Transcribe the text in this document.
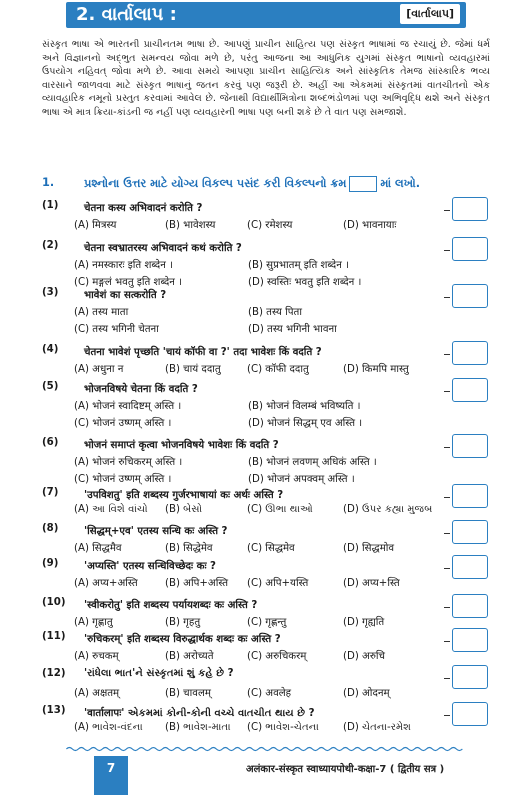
2. વાર્તાલાપ :	[વાર્તાલાપ]

સંસ્કૃત ભાષા એ ભારતની પ્રાચીનતમ ભાષા છે. આપણું પ્રાચીન સાહિત્ય પણ સંસ્કૃત ભાષામાં જ રચાયું છે. જેમાં ધર્મ અને વિજ્ઞાનનો અદ્ભુત સમન્વય જોવા મળે છે, પરંતુ આજના આ આધુનિક યુગમાં સંસ્કૃત ભાષાનો વ્યવહારમાં ઉપયોગ નહિવત્ જોવા મળે છે. આવા સમયે આપણા પ્રાચીન સાહિત્યિક અને સાંસ્કૃતિક તેમજ સાંસ્કારિક ભવ્ય વારસાને જાળવવા માટે સંસ્કૃત ભાષાનું જતન કરવું પણ જરૂરી છે. અહીં આ એકમમાં સંસ્કૃતમાં વાતચીતનો એક વ્યાવહારિક નમૂનો પ્રસ્તુત કરવામાં આવેલ છે. જેનાથી વિદ્યાર્થીમિત્રોના શબ્દભંડોળમાં પણ અભિવૃદ્ધિ થશે અને સંસ્કૃત ભાષા એ માત્ર ક્રિયા-કાંડની જ નહીં પણ વ્યવહારની ભાષા પણ બની શકે છે તે વાત પણ સમજાશે.

1.	પ્રશ્નોના ઉત્તર માટે યોગ્ય વિકલ્પ પસંદ કરી વિકલ્પનો ક્રમ	માં લખો.
(1)	चेतना कस्य अभिवादनं करोति ?
(A) मित्रस्य	(B) भावेशस्य	(C) रमेशस्य	(D) भावनायाः
(2)	चेतना स्वभ्रातरस्य अभिवादनं कथं करोति ?
(A) नमस्कारः इति शब्देन ।	(B) सुप्रभातम् इति शब्देन ।
(C) मङ्गलं भवतु इति शब्देन ।	(D) स्वस्तिः भवतु इति शब्देन ।
(3)	भावेशं का सत्करोति ?
(A) तस्य माता	(B) तस्य पिता
(C) तस्य भगिनी चेतना	(D) तस्य भगिनी भावना
(4)	चेतना भावेशं पृच्छति 'चायं कॉफी वा ?' तदा भावेशः किं वदति ?
(A) अधुना न	(B) चायं ददातु	(C) कॉफी ददातु	(D) किमपि मास्तु
(5)	भोजनविषये चेतना किं वदति ?
(A) भोजनं स्वादिष्टम् अस्ति ।	(B) भोजनं विलम्बं भविष्यति ।
(C) भोजनं उष्णम् अस्ति ।	(D) भोजनं सिद्धम् एव अस्ति ।
(6)	भोजनं समाप्तं कृत्वा भोजनविषये भावेशः किं वदति ?
(A) भोजनं रुचिकरम् अस्ति ।	(B) भोजनं लवणम् अधिकं अस्ति ।
(C) भोजनं उष्णम् अस्ति ।	(D) भोजनं अपक्वम् अस्ति ।
(7)	'उपविशतु' इति शब्दस्य गुर्जरभाषायां कः अर्थः अस्ति ?
(A) આ વિશે વાંચો (B) બેસો	(C) ઊભા થાઓ	(D) ઉપર કહ્યા મુજબ
(8)	'सिद्धम्+एव' एतस्य सन्धि कः अस्ति ?
(A) सिद्धमैव	(B) सिद्धेमेव	(C) सिद्धमेव	(D) सिद्धमोव
(9)	'अप्यस्ति' एतस्य सन्धिविच्छेदः कः ?
(A) अप्य+अस्ति	(B) अपि+अस्ति (C) अपि+यस्ति	(D) अप्य+स्ति
(10) 'स्वीकरोतु' इति शब्दस्य पर्यायशब्दः कः अस्ति ?
(A) गृह्णातु	(B) गृहतु	(C) गृह्णन्तु	(D) गृह्यति
(11) 'रुचिकरम्' इति शब्दस्य विरुद्धार्थक शब्दः कः अस्ति ?
(A) रुचकम्	(B) अरोच्यते	(C) अरुचिकरम्	(D) अरुचि
(12) 'રાંધેલા ભાત'ને સંસ્કૃતમાં શું કહે છે ?
(A) अक्षतम्	(B) चावलम्	(C) अवलेह	(D) ओदनम्
(13) 'वार्तालापः' એકમમાં કોની-કોની વચ્ચે વાતચીત થાય છે ?
(A) ભાવેશ-વંદના (B) ભાવેશ-માતા (C) ભાવેશ-ચેતના (D) ચેતના-રમેશ
7	अलंकार-संस्कृत स्वाध्यायपोथी-कक्षा-7 ( द्वितीय सत्र )
